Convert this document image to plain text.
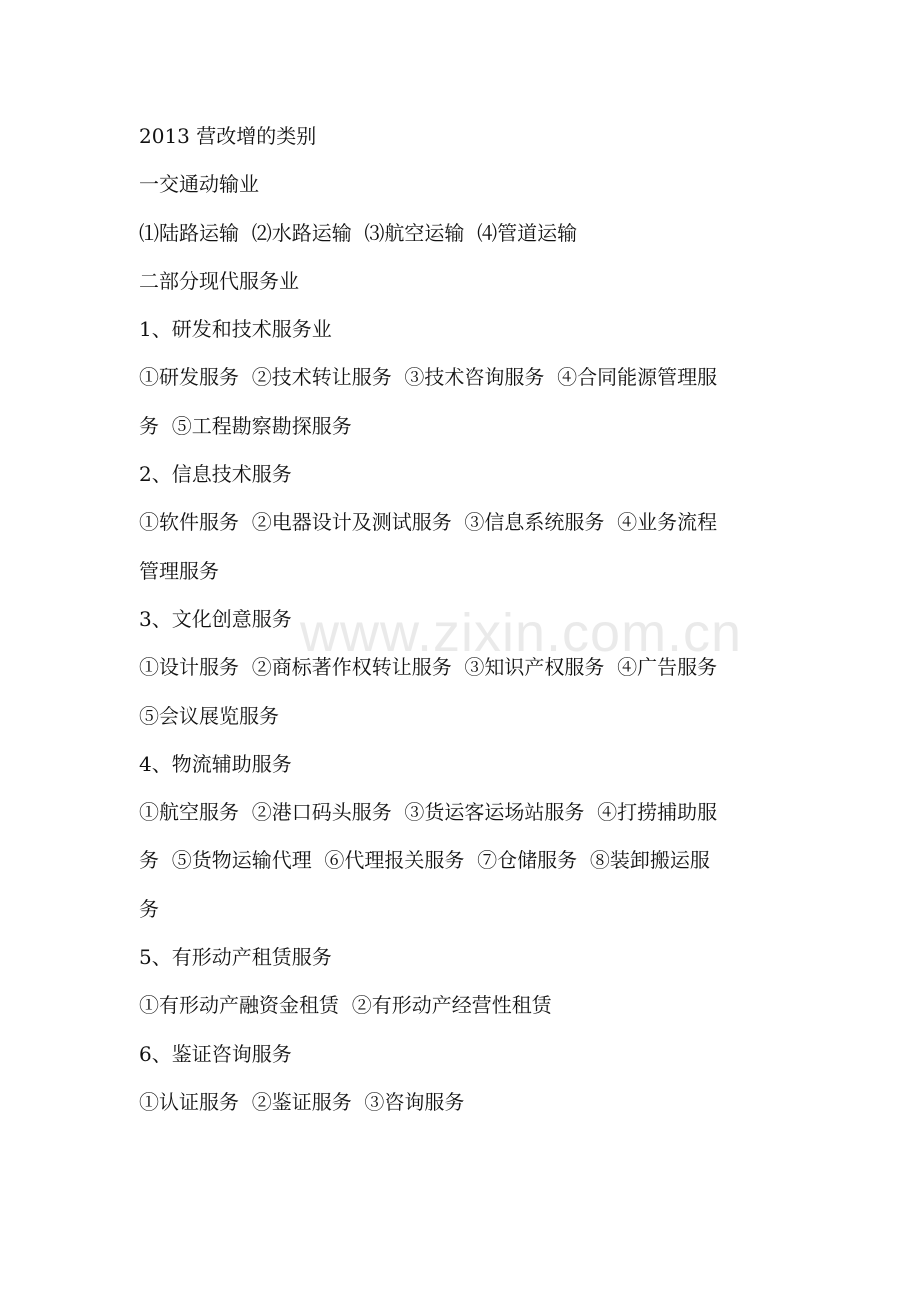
2013 营改增的类别
一交通动输业
⑴陆路运输  ⑵水路运输  ⑶航空运输  ⑷管道运输
二部分现代服务业
1、研发和技术服务业
①研发服务  ②技术转让服务  ③技术咨询服务  ④合同能源管理服
务  ⑤工程勘察勘探服务
2、信息技术服务
①软件服务  ②电器设计及测试服务  ③信息系统服务  ④业务流程
管理服务
3、文化创意服务
①设计服务  ②商标著作权转让服务  ③知识产权服务  ④广告服务
⑤会议展览服务
4、物流辅助服务
①航空服务  ②港口码头服务  ③货运客运场站服务  ④打捞捕助服
务  ⑤货物运输代理  ⑥代理报关服务  ⑦仓储服务  ⑧装卸搬运服
务
5、有形动产租赁服务
①有形动产融资金租赁  ②有形动产经营性租赁
6、鉴证咨询服务
①认证服务  ②鉴证服务  ③咨询服务
www.zixin.com.cn
